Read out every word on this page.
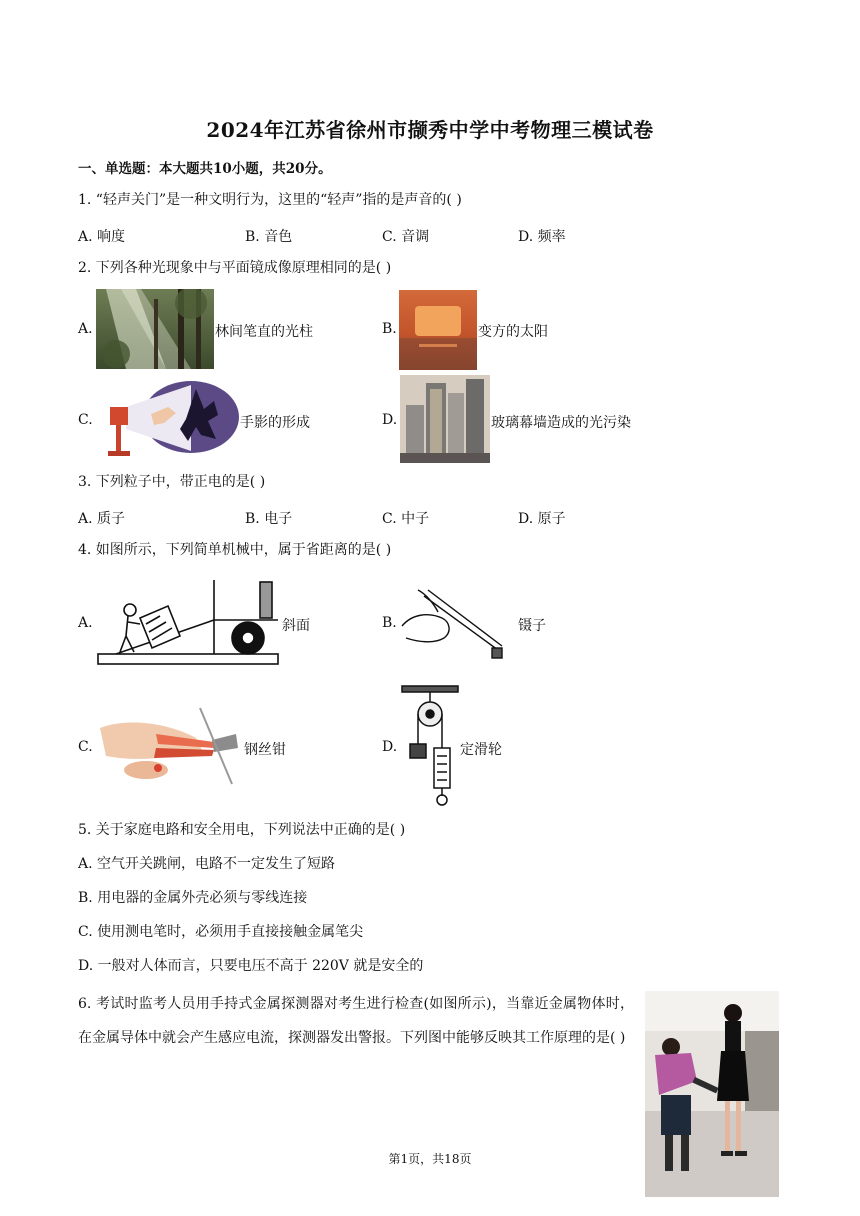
2024年江苏省徐州市撷秀中学中考物理三模试卷
一、单选题：本大题共10小题，共20分。
1. “轻声关门”是一种文明行为，这里的“轻声”指的是声音的( )
A. 响度	B. 音色	C. 音调	D. 频率
2. 下列各种光现象中与平面镜成像原理相同的是( )
A.	林间笔直的光柱	B.	变方的太阳
C.	手影的形成	D.	玻璃幕墙造成的光污染
3. 下列粒子中，带正电的是( )
A. 质子	B. 电子	C. 中子	D. 原子
4. 如图所示，下列简单机械中，属于省距离的是( )
A.	斜面	B.	镊子
C.	钢丝钳	D.	定滑轮
5. 关于家庭电路和安全用电，下列说法中正确的是( )
A. 空气开关跳闸，电路不一定发生了短路
B. 用电器的金属外壳必须与零线连接
C. 使用测电笔时，必须用手直接接触金属笔尖
D. 一般对人体而言，只要电压不高于 220V 就是安全的
6. 考试时监考人员用手持式金属探测器对考生进行检查(如图所示)，当靠近金属物体时，在金属导体中就会产生感应电流，探测器发出警报。下列图中能够反映其工作原理的是( )
第1页，共18页
